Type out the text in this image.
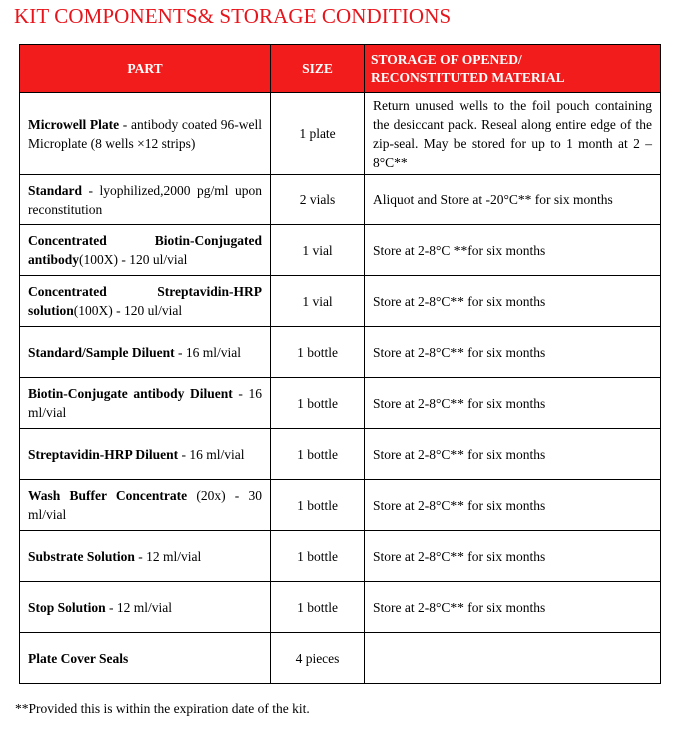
KIT COMPONENTS& STORAGE CONDITIONS
PART	SIZE	STORAGE OF OPENED/
RECONSTITUTED MATERIAL
Microwell Plate - antibody coated 96-well Microplate (8 wells ×12 strips)	1 plate	Return unused wells to the foil pouch containing the desiccant pack. Reseal along entire edge of the zip-seal. May be stored for up to 1 month at 2 – 8°C**
Standard - lyophilized,2000 pg/ml upon reconstitution	2 vials	Aliquot and Store at -20°C** for six months
Concentrated Biotin-Conjugated antibody(100X) - 120 ul/vial	1 vial	Store at 2-8°C **for six months
Concentrated Streptavidin-HRP solution(100X) - 120 ul/vial	1 vial	Store at 2-8°C** for six months
Standard/Sample Diluent - 16 ml/vial	1 bottle	Store at 2-8°C** for six months
Biotin-Conjugate antibody Diluent - 16 ml/vial	1 bottle	Store at 2-8°C** for six months
Streptavidin-HRP Diluent - 16 ml/vial	1 bottle	Store at 2-8°C** for six months
Wash Buffer Concentrate (20x) - 30 ml/vial	1 bottle	Store at 2-8°C** for six months
Substrate Solution - 12 ml/vial	1 bottle	Store at 2-8°C** for six months
Stop Solution - 12 ml/vial	1 bottle	Store at 2-8°C** for six months
Plate Cover Seals	4 pieces	
**Provided this is within the expiration date of the kit.
